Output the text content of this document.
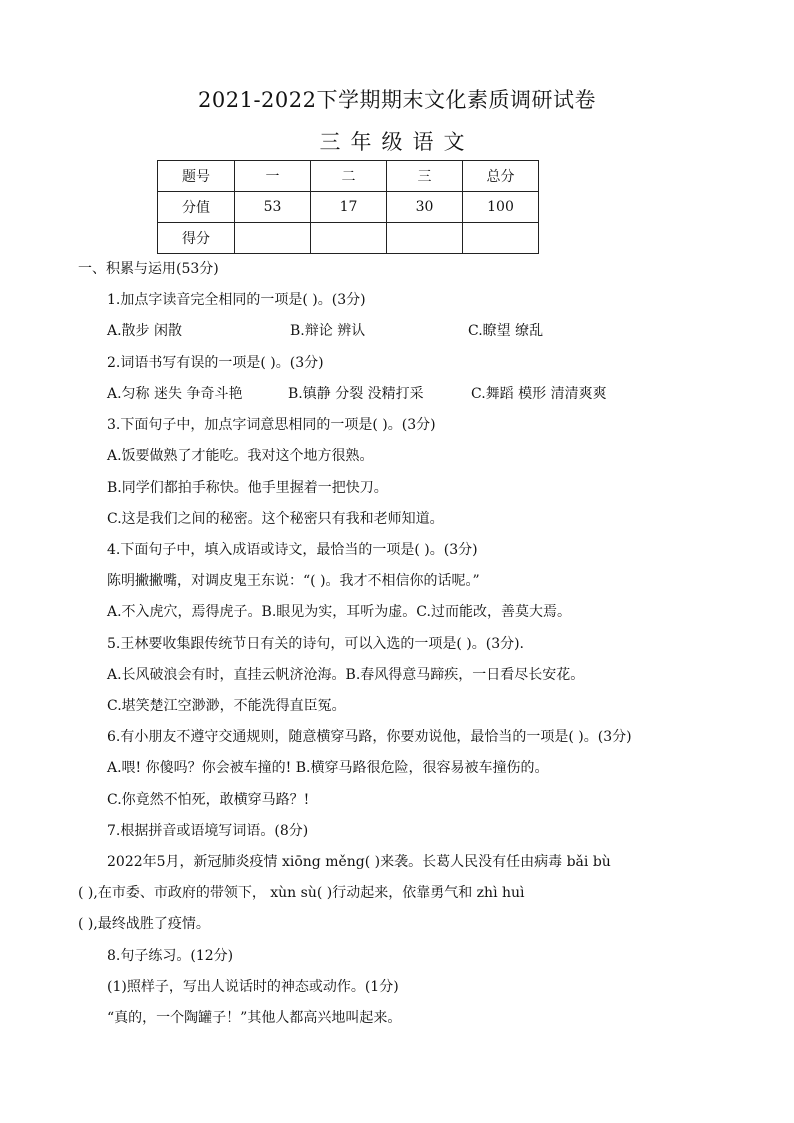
2021-2022下学期期末文化素质调研试卷
三年级语文
题号	一	二	三	总分
分值	53	17	30	100
得分				
一、积累与运用(53分)
1.加点字读音完全相同的一项是( )。(3分)
A.散步 闲散	B.辩论 辨认	C.瞭望 缭乱
2.词语书写有误的一项是( )。(3分)
A.匀称 迷失 争奇斗艳	B.镇静 分裂 没精打采	C.舞蹈 模形 清清爽爽
3.下面句子中，加点字词意思相同的一项是( )。(3分)
A.饭要做熟了才能吃。我对这个地方很熟。
B.同学们都拍手称快。他手里握着一把快刀。
C.这是我们之间的秘密。这个秘密只有我和老师知道。
4.下面句子中，填入成语或诗文，最恰当的一项是( )。(3分)
陈明撇撇嘴，对调皮鬼王东说：“( )。我才不相信你的话呢。”
A.不入虎穴，焉得虎子。B.眼见为实，耳听为虚。C.过而能改，善莫大焉。
5.王林要收集跟传统节日有关的诗句，可以入选的一项是( )。(3分).
A.长风破浪会有时，直挂云帆济沧海。B.春风得意马蹄疾，一日看尽长安花。
C.堪笑楚江空渺渺，不能洗得直臣冤。
6.有小朋友不遵守交通规则，随意横穿马路，你要劝说他，最恰当的一项是( )。(3分)
A.喂! 你傻吗？你会被车撞的! B.横穿马路很危险，很容易被车撞伤的。
C.你竟然不怕死，敢横穿马路？!
7.根据拼音或语境写词语。(8分)
2022年5月，新冠肺炎疫情 xiōng měng( )来袭。长葛人民没有任由病毒 bǎi bù
( ),在市委、市政府的带领下， xùn sù( )行动起来，依靠勇气和 zhì huì
( ),最终战胜了疫情。
8.句子练习。(12分)
(1)照样子，写出人说话时的神态或动作。(1分)
“真的，一个陶罐子！”其他人都高兴地叫起来。
